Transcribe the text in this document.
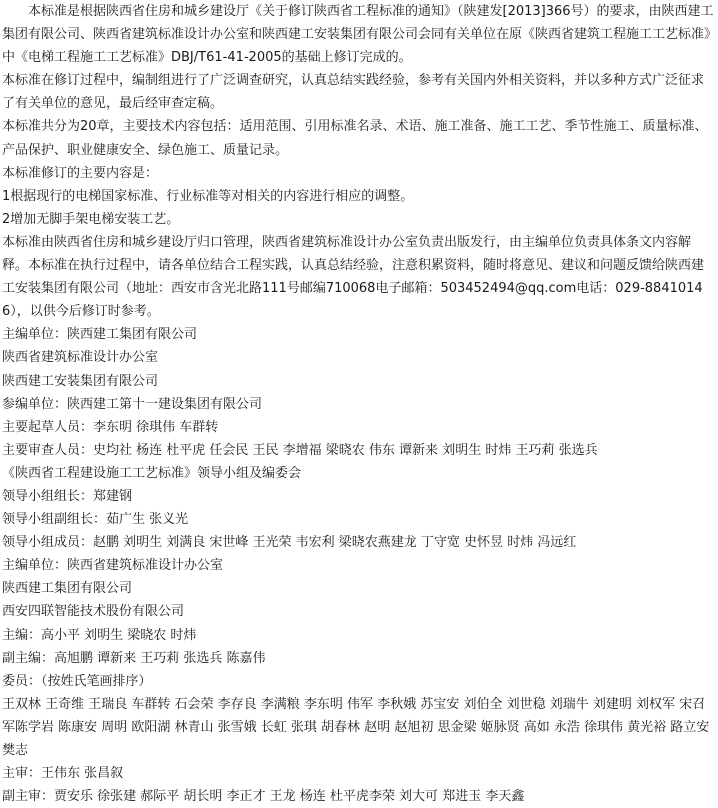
本标准是根据陕西省住房和城乡建设厅《关于修订陕西省工程标准的通知》（陕建发[2013]366号）的要求，由陕西建工集团有限公司、陕西省建筑标准设计办公室和陕西建工安装集团有限公司会同有关单位在原《陕西省建筑工程施工工艺标准》中《电梯工程施工工艺标准》DBJ/T61-41-2005的基础上修订完成的。

本标准在修订过程中，编制组进行了广泛调查研究，认真总结实践经验，参考有关国内外相关资料，并以多种方式广泛征求了有关单位的意见，最后经审查定稿。

本标准共分为20章，主要技术内容包括：适用范围、引用标准名录、术语、施工准备、施工工艺、季节性施工、质量标准、产品保护、职业健康安全、绿色施工、质量记录。

本标准修订的主要内容是：

1根据现行的电梯国家标准、行业标准等对相关的内容进行相应的调整。

2增加无脚手架电梯安装工艺。

本标准由陕西省住房和城乡建设厅归口管理，陕西省建筑标准设计办公室负责出版发行，由主编单位负责具体条文内容解释。本标准在执行过程中，请各单位结合工程实践，认真总结经验，注意积累资料，随时将意见、建议和问题反馈给陕西建工安装集团有限公司（地址：西安市含光北路111号邮编710068电子邮箱：503452494@qq.com电话：029-88410146），以供今后修订时参考。

主编单位：陕西建工集团有限公司

陕西省建筑标准设计办公室

陕西建工安装集团有限公司

参编单位：陕西建工第十一建设集团有限公司

主要起草人员：李东明 徐琪伟 车群转

主要审查人员：史均社 杨连 杜平虎 任会民 王民 李增福 梁晓农 伟东 谭新来 刘明生 时炜 王巧莉 张选兵

《陕西省工程建设施工工艺标准》领导小组及编委会

领导小组组长：郑建钢

领导小组副组长：茹广生 张义光

领导小组成员：赵鹏 刘明生 刘满良 宋世峰 王光荣 韦宏利 梁晓农燕建龙 丁守宽 史怀昱 时炜 冯远红

主编单位：陕西省建筑标准设计办公室

陕西建工集团有限公司

西安四联智能技术股份有限公司

主编：高小平 刘明生 梁晓农 时炜

副主编：高旭鹏 谭新来 王巧莉 张选兵 陈嘉伟

委员：（按姓氏笔画排序）

王双林 王奇维 王瑞良 车群转 石会荣 李存良 李满粮 李东明 伟军 李秋娥 苏宝安 刘伯全 刘世稳 刘瑞牛 刘建明 刘权军 宋召军陈学岩 陈康安 周明 欧阳湖 林青山 张雪娥 长虹 张琪 胡春林 赵明 赵旭初 思金梁 姬脉贤 高如 永浩 徐琪伟 黄光裕 路立安 樊志

主审：王伟东 张昌叙

副主审：贾安乐 徐张建 郝际平 胡长明 李正才 王龙 杨连 杜平虎李荣 刘大可 郑进玉 李天鑫
